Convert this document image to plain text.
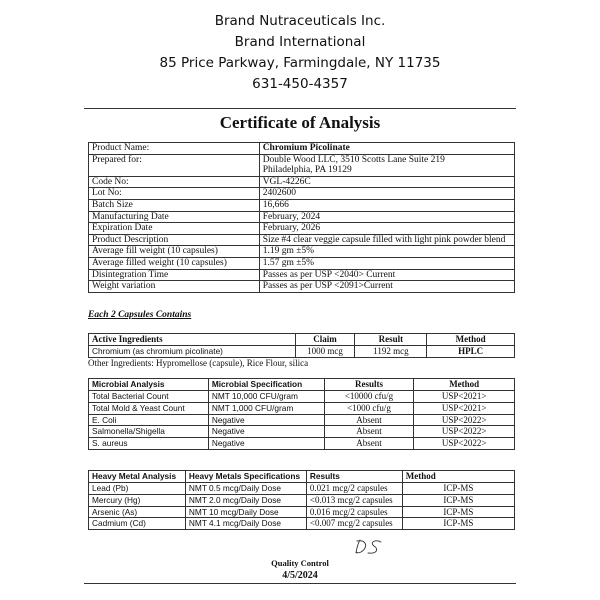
Brand Nutraceuticals Inc.
Brand International
85 Price Parkway, Farmingdale, NY 11735
631-450-4357
Certificate of Analysis
Product Name:	Chromium Picolinate
Prepared for:	Double Wood LLC, 3510 Scotts Lane Suite 219
Philadelphia, PA 19129

Code No:	VGL-4226C
Lot No:	2402600
Batch Size	16,666
Manufacturing Date	February, 2024
Expiration Date	February, 2026
Product Description	Size #4 clear veggie capsule filled with light pink powder blend
Average fill weight (10 capsules)	1.19 gm ±5%
Average filled weight (10 capsules)	1.57 gm ±5%
Disintegration Time	Passes as per USP <2040> Current
Weight variation	Passes as per USP <2091>Current
Each 2 Capsules Contains
Active Ingredients	Claim	Result	Method
Chromium (as chromium picolinate)	1000 mcg	1192 mcg	HPLC
Other Ingredients: Hypromellose (capsule), Rice Flour, silica
Microbial Analysis	Microbial Specification	Results	Method
Total Bacterial Count	NMT 10,000 CFU/gram	<10000 cfu/g	USP<2021>
Total Mold & Yeast Count	NMT 1,000 CFU/gram	<1000 cfu/g	USP<2021>
E. Coli	Negative	Absent	USP<2022>
Salmonella/Shigella	Negative	Absent	USP<2022>
S. aureus	Negative	Absent	USP<2022>
Heavy Metal Analysis	Heavy Metals Specifications	Results	Method
Lead (Pb)	NMT 0.5 mcg/Daily Dose	0.021 mcg/2 capsules	ICP-MS
Mercury (Hg)	NMT 2.0 mcg/Daily Dose	<0.013 mcg/2 capsules	ICP-MS
Arsenic (As)	NMT 10 mcg/Daily Dose	0.016 mcg/2 capsules	ICP-MS
Cadmium (Cd)	NMT 4.1 mcg/Daily Dose	<0.007 mcg/2 capsules	ICP-MS
DS
Quality Control
4/5/2024
